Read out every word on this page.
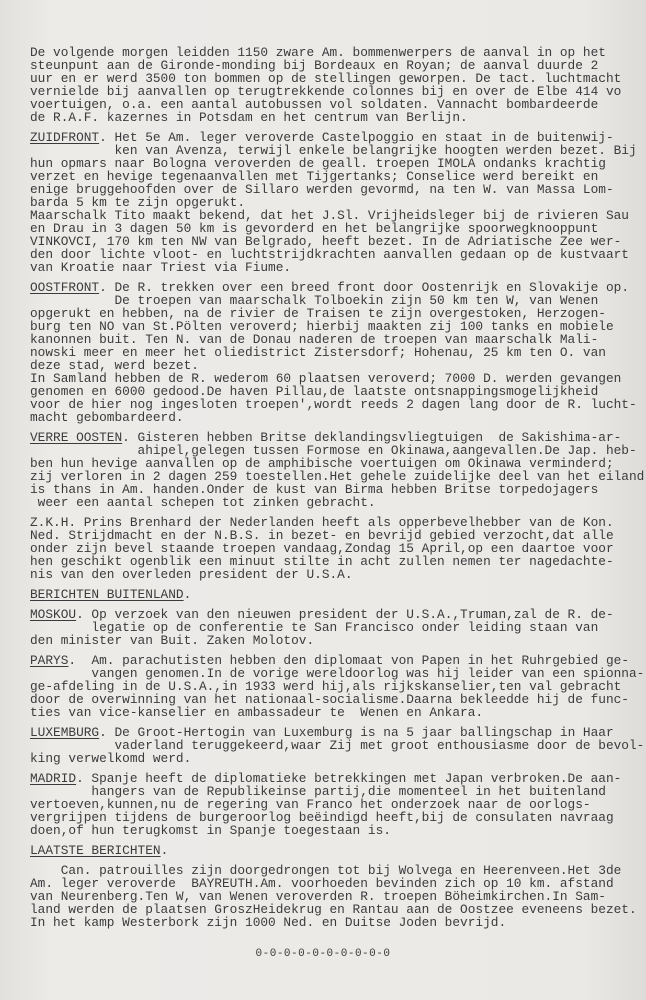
De volgende morgen leidden 1150 zware Am. bommenwerpers de aanval in op het
steunpunt aan de Gironde-monding bij Bordeaux en Royan; de aanval duurde 2
uur en er werd 3500 ton bommen op de stellingen geworpen. De tact. luchtmacht
vernielde bij aanvallen op terugtrekkende colonnes bij en over de Elbe 414 vo
voertuigen, o.a. een aantal autobussen vol soldaten. Vannacht bombardeerde
de R.A.F. kazernes in Potsdam en het centrum van Berlijn.
ZUIDFRONT. Het 5e Am. leger veroverde Castelpoggio en staat in de buitenwij-
ken van Avenza, terwijl enkele belangrijke hoogten werden bezet. Bij
hun opmars naar Bologna veroverden de geall. troepen IMOLA ondanks krachtig
verzet en hevige tegenaanvallen met Tijgertanks; Conselice werd bereikt en
enige bruggehoofden over de Sillaro werden gevormd, na ten W. van Massa Lom-
barda 5 km te zijn opgerukt.
Maarschalk Tito maakt bekend, dat het J.Sl. Vrijheidsleger bij de rivieren Sau
en Drau in 3 dagen 50 km is gevorderd en het belangrijke spoorwegknooppunt
VINKOVCI, 170 km ten NW van Belgrado, heeft bezet. In de Adriatische Zee wer-
den door lichte vloot- en luchtstrijdkrachten aanvallen gedaan op de kustvaart
van Kroatie naar Triest via Fiume.
OOSTFRONT. De R. trekken over een breed front door Oostenrijk en Slovakije op.
De troepen van maarschalk Tolboekin zijn 50 km ten W, van Wenen
opgerukt en hebben, na de rivier de Traisen te zijn overgestoken, Herzogen-
burg ten NO van St.Pölten veroverd; hierbij maakten zij 100 tanks en mobiele
kanonnen buit. Ten N. van de Donau naderen de troepen van maarschalk Mali-
nowski meer en meer het oliedistrict Zistersdorf; Hohenau, 25 km ten O. van
deze stad, werd bezet.
In Samland hebben de R. wederom 60 plaatsen veroverd; 7000 D. werden gevangen
genomen en 6000 gedood.De haven Pillau,de laatste ontsnappingsmogelijkheid
voor de hier nog ingesloten troepen',wordt reeds 2 dagen lang door de R. lucht-
macht gebombardeerd.
VERRE OOSTEN. Gisteren hebben Britse deklandingsvliegtuigen  de Sakishima-ar-
ahipel,gelegen tussen Formose en Okinawa,aangevallen.De Jap. heb-
ben hun hevige aanvallen op de amphibische voertuigen om Okinawa verminderd;
zij verloren in 2 dagen 259 toestellen.Het gehele zuidelijke deel van het eiland
is thans in Am. handen.Onder de kust van Birma hebben Britse torpedojagers
weer een aantal schepen tot zinken gebracht.
Z.K.H. Prins Brenhard der Nederlanden heeft als opperbevelhebber van de Kon.
Ned. Strijdmacht en der N.B.S. in bezet- en bevrijd gebied verzocht,dat alle
onder zijn bevel staande troepen vandaag,Zondag 15 April,op een daartoe voor
hen geschikt ogenblik een minuut stilte in acht zullen nemen ter nagedachte-
nis van den overleden president der U.S.A.
BERICHTEN BUITENLAND.
MOSKOU. Op verzoek van den nieuwen president der U.S.A.,Truman,zal de R. de-
legatie op de conferentie te San Francisco onder leiding staan van
den minister van Buit. Zaken Molotov.
PARYS.  Am. parachutisten hebben den diplomaat von Papen in het Ruhrgebied ge-
vangen genomen.In de vorige wereldoorlog was hij leider van een spionna-
ge-afdeling in de U.S.A.,in 1933 werd hij,als rijkskanselier,ten val gebracht
door de overwinning van het nationaal-socialisme.Daarna bekleedde hij de func-
ties van vice-kanselier en ambassadeur te  Wenen en Ankara.
LUXEMBURG. De Groot-Hertogin van Luxemburg is na 5 jaar ballingschap in Haar
vaderland teruggekeerd,waar Zij met groot enthousiasme door de bevol-
king verwelkomd werd.
MADRID. Spanje heeft de diplomatieke betrekkingen met Japan verbroken.De aan-
hangers van de Republikeinse partij,die momenteel in het buitenland
vertoeven,kunnen,nu de regering van Franco het onderzoek naar de oorlogs-
vergrijpen tijdens de burgeroorlog beëindigd heeft,bij de consulaten navraag
doen,of hun terugkomst in Spanje toegestaan is.
LAATSTE BERICHTEN.
Can. patrouilles zijn doorgedrongen tot bij Wolvega en Heerenveen.Het 3de
Am. leger veroverde  BAYREUTH.Am. voorhoeden bevinden zich op 10 km. afstand
van Neurenberg.Ten W, van Wenen veroverden R. troepen Böheimkirchen.In Sam-
land werden de plaatsen GroszHeidekrug en Rantau aan de Oostzee eveneens bezet.
In het kamp Westerbork zijn 1000 Ned. en Duitse Joden bevrijd.
0-0-0-0-0-0-0-0-0-0
